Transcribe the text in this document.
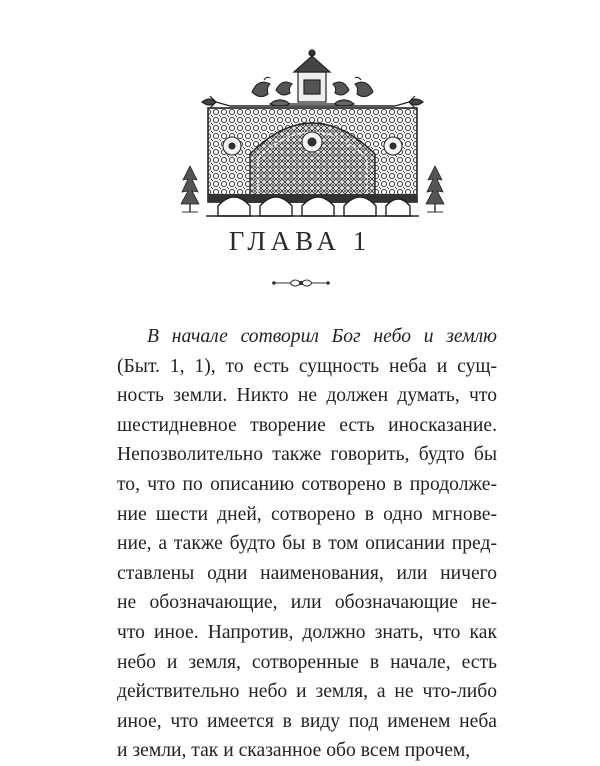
ГЛАВА 1
В начале сотворил Бог небо и землю
(Быт. 1, 1), то есть сущность неба и сущ-
ность земли. Никто не должен думать, что
шестидневное творение есть иносказание.
Непозволительно также говорить, будто бы
то, что по описанию сотворено в продолже-
ние шести дней, сотворено в одно мгнове-
ние, а также будто бы в том описании пред-
ставлены одни наименования, или ничего
не обозначающие, или обозначающие не-
что иное. Напротив, должно знать, что как
небо и земля, сотворенные в начале, есть
действительно небо и земля, а не что-либо
иное, что имеется в виду под именем неба
и земли, так и сказанное обо всем прочем,
